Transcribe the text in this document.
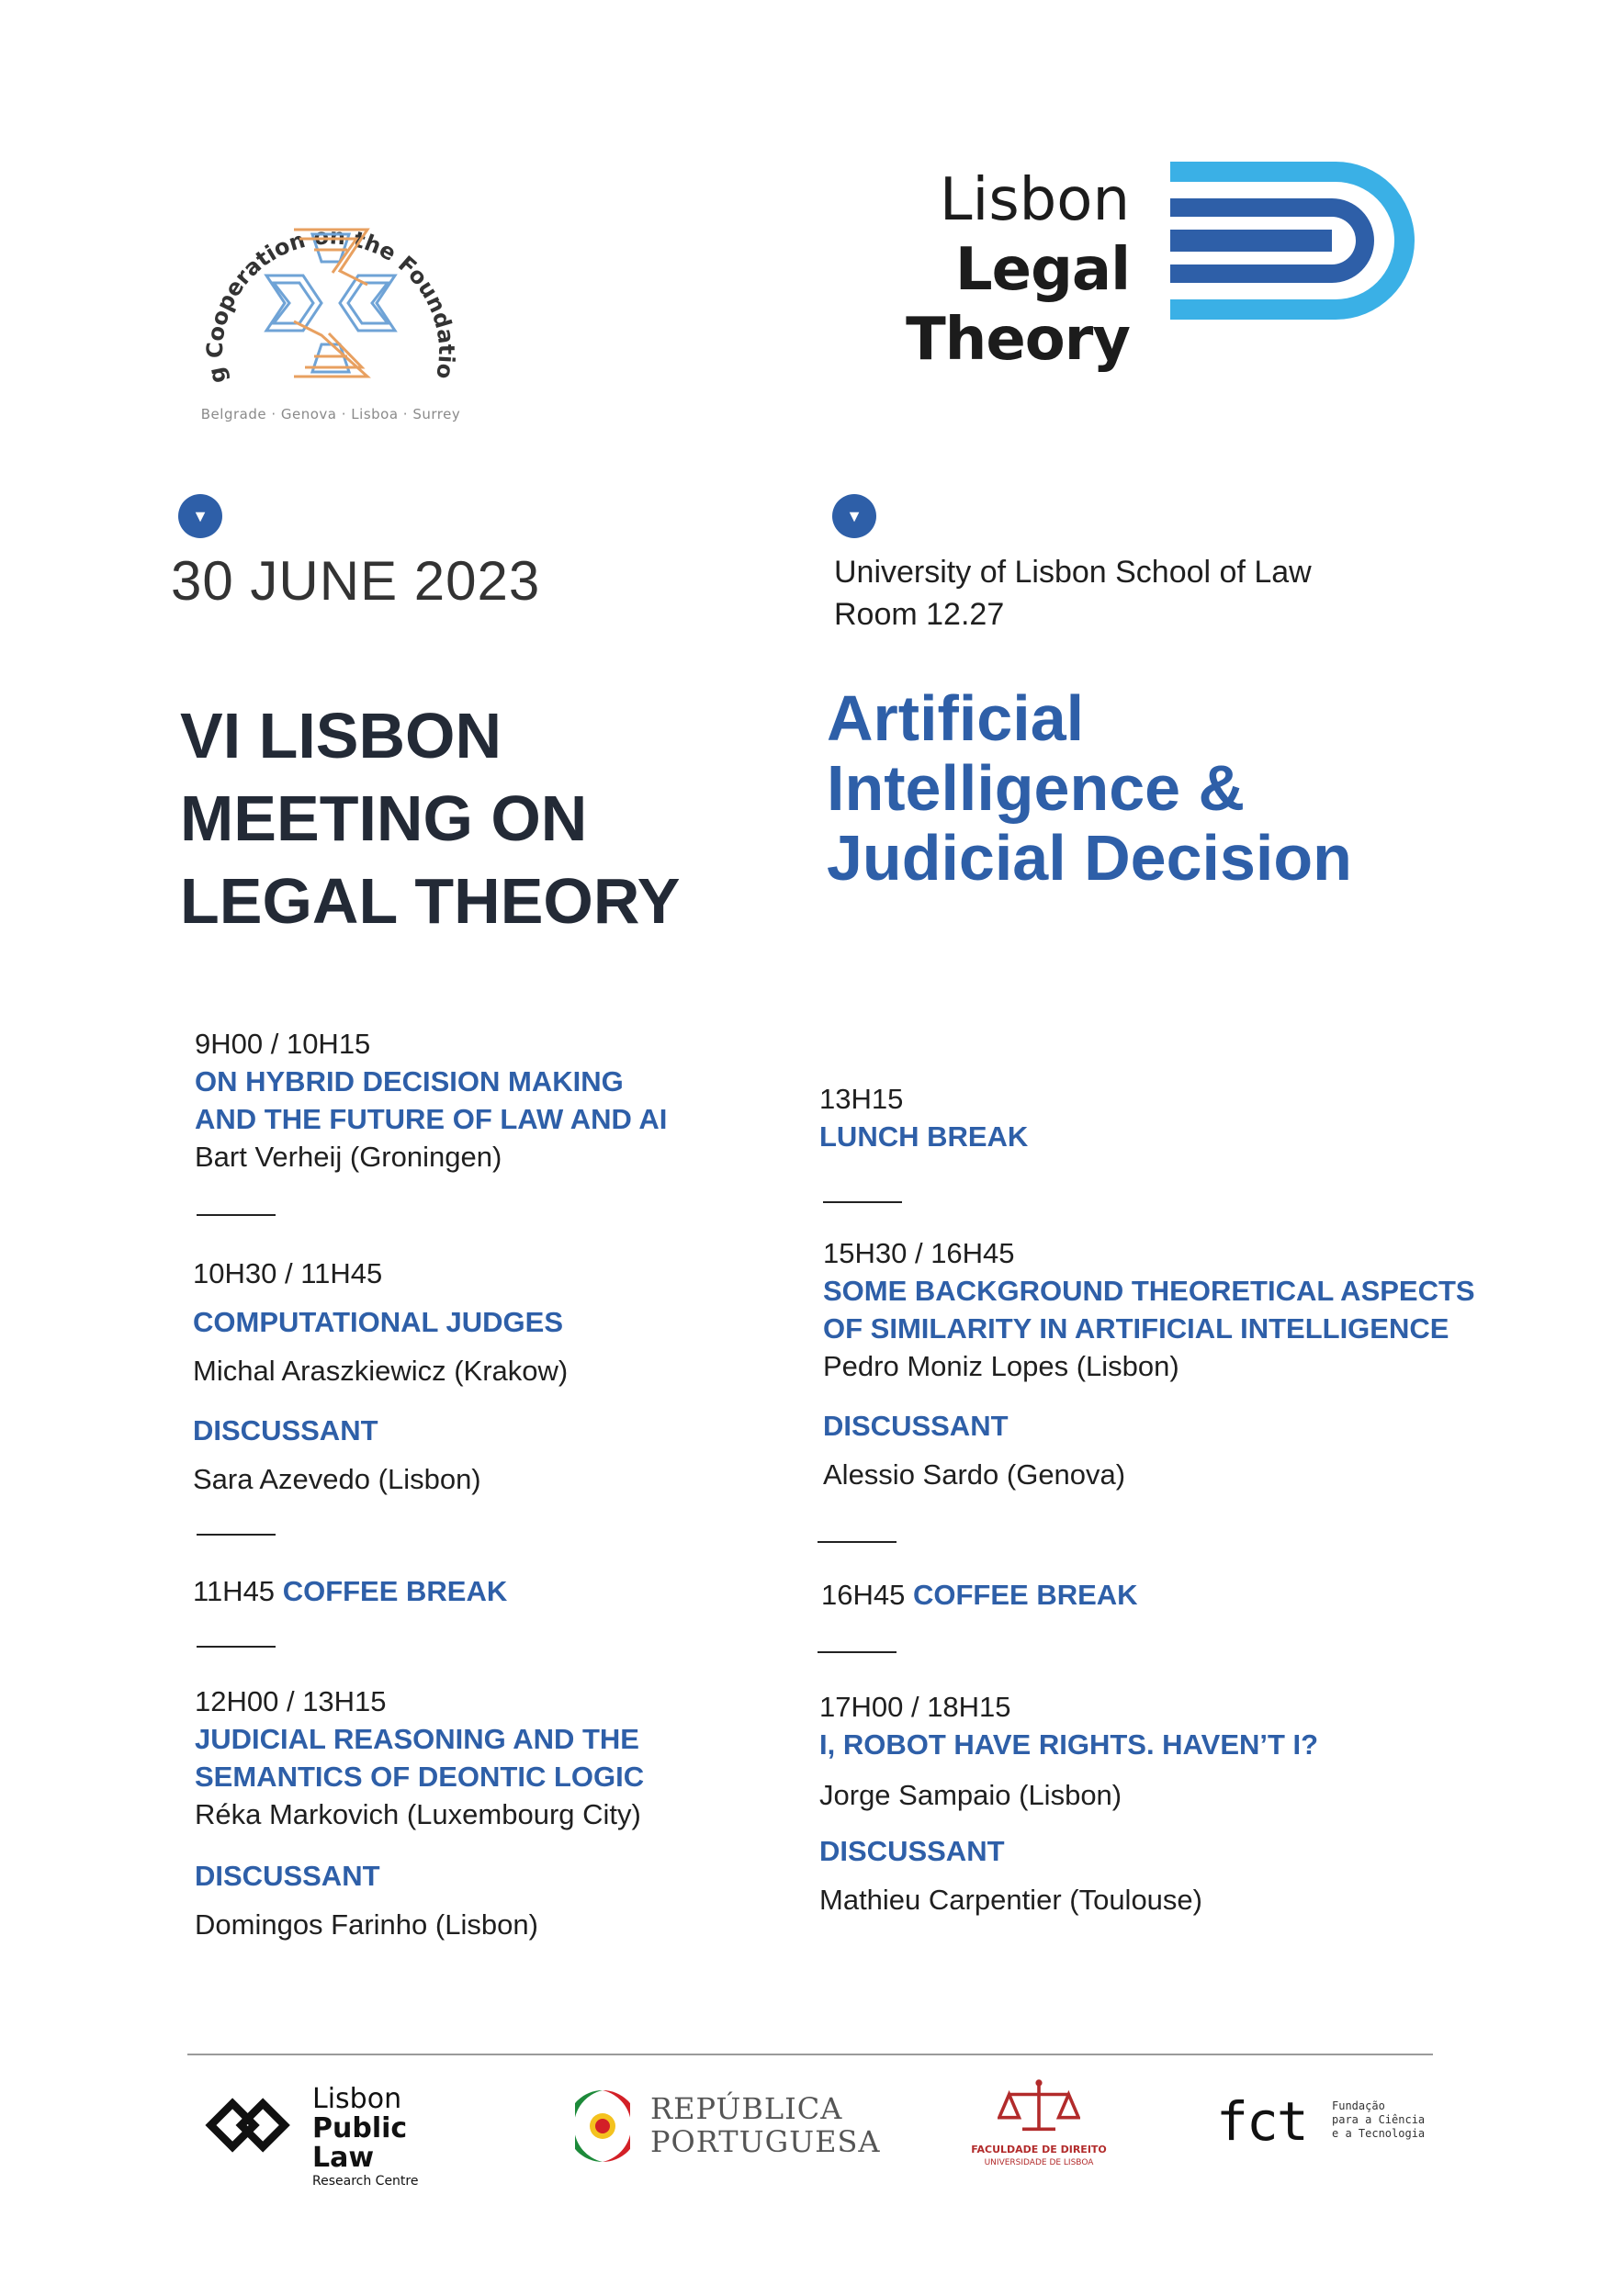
g Cooperation on the Foundatio
Belgrade · Genova · Lisboa · Surrey
Lisbon
Legal Theory
▼	▼
30 JUNE 2023	University of Lisbon School of Law
Room 12.27
VI LISBON
MEETING ON
LEGAL THEORY
Artificial
Intelligence &
Judicial Decision
9H00 / 10H15
ON HYBRID DECISION MAKING
AND THE FUTURE OF LAW AND AI
Bart Verheij (Groningen)
10H30 / 11H45
COMPUTATIONAL JUDGES
Michal Araszkiewicz (Krakow)
DISCUSSANT
Sara Azevedo (Lisbon)
11H45 COFFEE BREAK
12H00 / 13H15
JUDICIAL REASONING AND THE
SEMANTICS OF DEONTIC LOGIC
Réka Markovich (Luxembourg City)
DISCUSSANT
Domingos Farinho (Lisbon)
13H15
LUNCH BREAK
15H30 / 16H45
SOME BACKGROUND THEORETICAL ASPECTS
OF SIMILARITY IN ARTIFICIAL INTELLIGENCE
Pedro Moniz Lopes (Lisbon)
DISCUSSANT
Alessio Sardo (Genova)
16H45 COFFEE BREAK
17H00 / 18H15
I, ROBOT HAVE RIGHTS. HAVEN’T I?
Jorge Sampaio (Lisbon)
DISCUSSANT
Mathieu Carpentier (Toulouse)
Lisbon
Public Law
Research Centre
REPÚBLICA
PORTUGUESA	FACULDADE DE DIREITO
UNIVERSIDADE DE LISBOA
fct Fundação
para a Ciência
e a Tecnologia
